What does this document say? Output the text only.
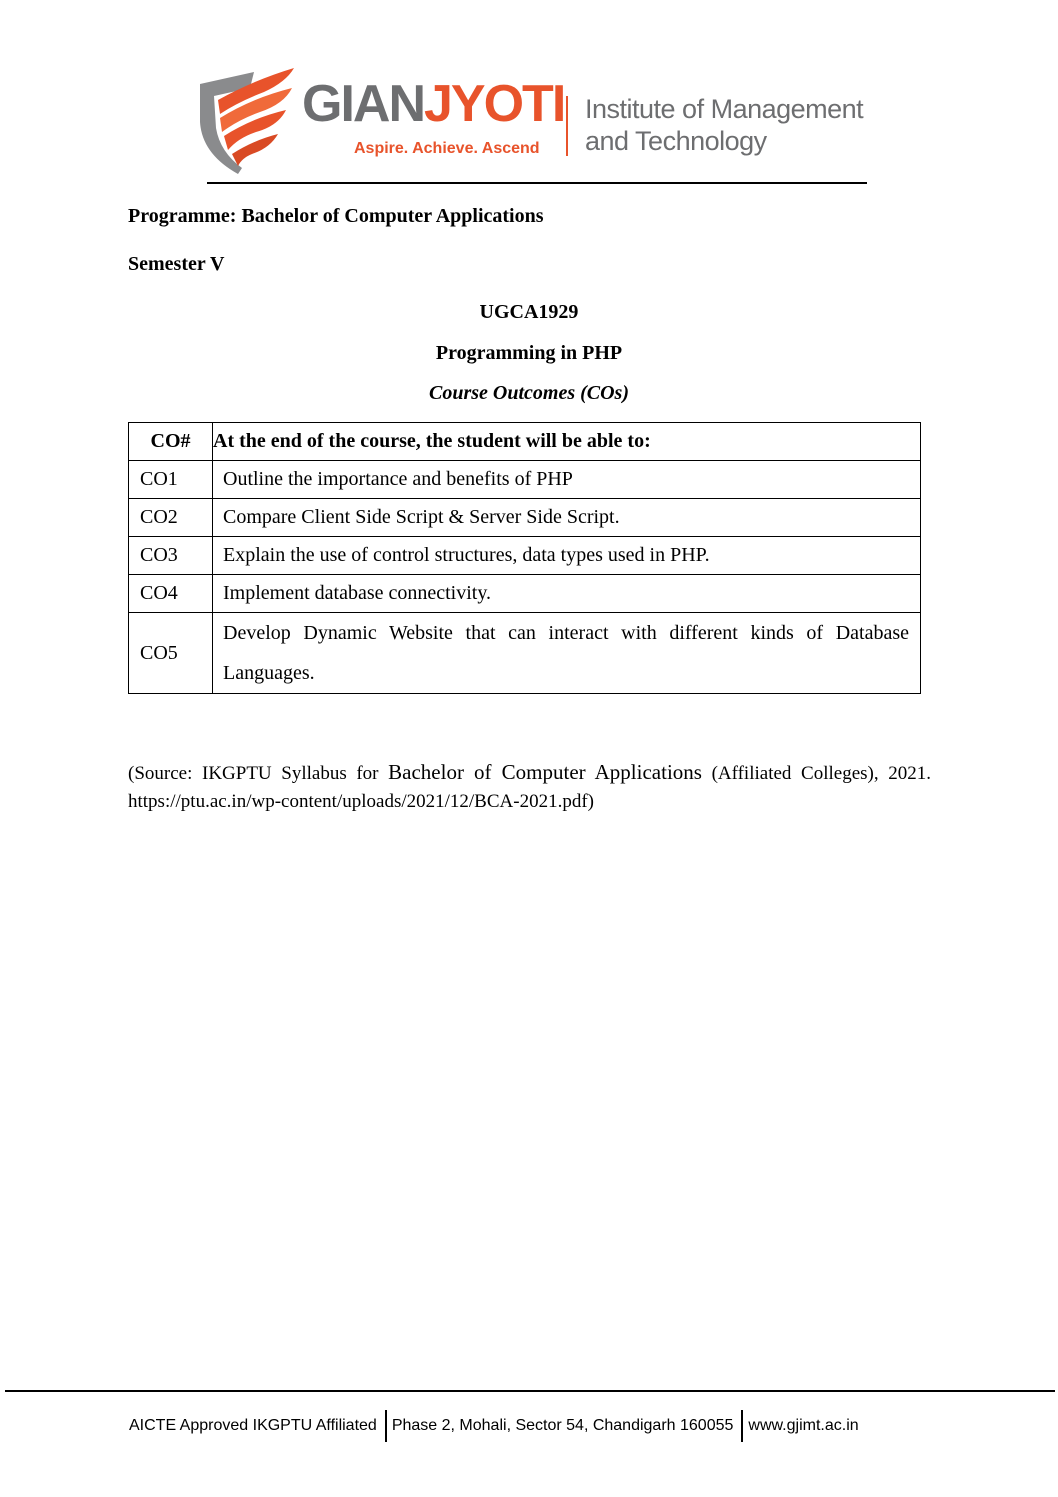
GIANJYOTI
Aspire. Achieve. Ascend
Institute of Management
and Technology
Programme: Bachelor of Computer Applications
Semester V
UGCA1929
Programming in PHP
Course Outcomes (COs)
CO#	At the end of the course, the student will be able to:
CO1	Outline the importance and benefits of PHP
CO2	Compare Client Side Script & Server Side Script.
CO3	Explain the use of control structures, data types used in PHP.
CO4	Implement database connectivity.
CO5	Develop Dynamic Website that can interact with different kinds of Database Languages.
(Source: IKGPTU Syllabus for Bachelor of Computer Applications (Affiliated Colleges), 2021. https://ptu.ac.in/wp-content/uploads/2021/12/BCA-2021.pdf)
AICTE Approved IKGPTU Affiliated Phase 2, Mohali, Sector 54, Chandigarh 160055 www.gjimt.ac.in
